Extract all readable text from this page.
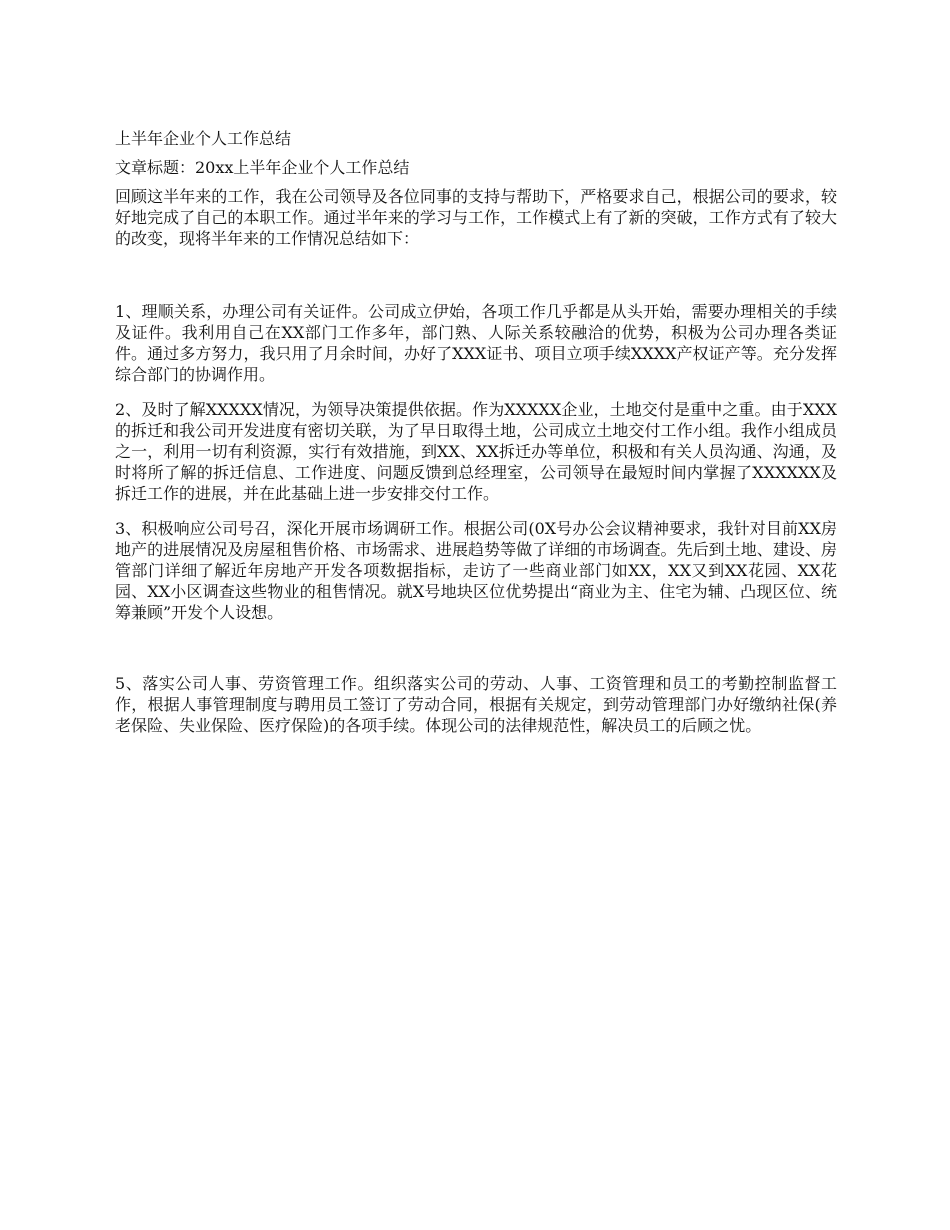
上半年企业个人工作总结

文章标题：20xx上半年企业个人工作总结

回顾这半年来的工作，我在公司领导及各位同事的支持与帮助下，严格要求自己，根据公司的要求，较好地完成了自己的本职工作。通过半年来的学习与工作，工作模式上有了新的突破，工作方式有了较大的改变，现将半年来的工作情况总结如下：

1、理顺关系，办理公司有关证件。公司成立伊始，各项工作几乎都是从头开始，需要办理相关的手续及证件。我利用自己在XX部门工作多年，部门熟、人际关系较融洽的优势，积极为公司办理各类证件。通过多方努力，我只用了月余时间，办好了XXX证书、项目立项手续XXXX产权证产等。充分发挥综合部门的协调作用。

2、及时了解XXXXX情况，为领导决策提供依据。作为XXXXX企业，土地交付是重中之重。由于XXX的拆迁和我公司开发进度有密切关联，为了早日取得土地，公司成立土地交付工作小组。我作小组成员之一，利用一切有利资源，实行有效措施，到XX、XX拆迁办等单位，积极和有关人员沟通、沟通，及时将所了解的拆迁信息、工作进度、问题反馈到总经理室，公司领导在最短时间内掌握了XXXXXX及拆迁工作的进展，并在此基础上进一步安排交付工作。

3、积极响应公司号召，深化开展市场调研工作。根据公司(0X号办公会议精神要求，我针对目前XX房地产的进展情况及房屋租售价格、市场需求、进展趋势等做了详细的市场调查。先后到土地、建设、房管部门详细了解近年房地产开发各项数据指标，走访了一些商业部门如XX，XX又到XX花园、XX花园、XX小区调查这些物业的租售情况。就X号地块区位优势提出“商业为主、住宅为辅、凸现区位、统筹兼顾”开发个人设想。

5、落实公司人事、劳资管理工作。组织落实公司的劳动、人事、工资管理和员工的考勤控制监督工作，根据人事管理制度与聘用员工签订了劳动合同，根据有关规定，到劳动管理部门办好缴纳社保(养老保险、失业保险、医疗保险)的各项手续。体现公司的法律规范性，解决员工的后顾之忧。
